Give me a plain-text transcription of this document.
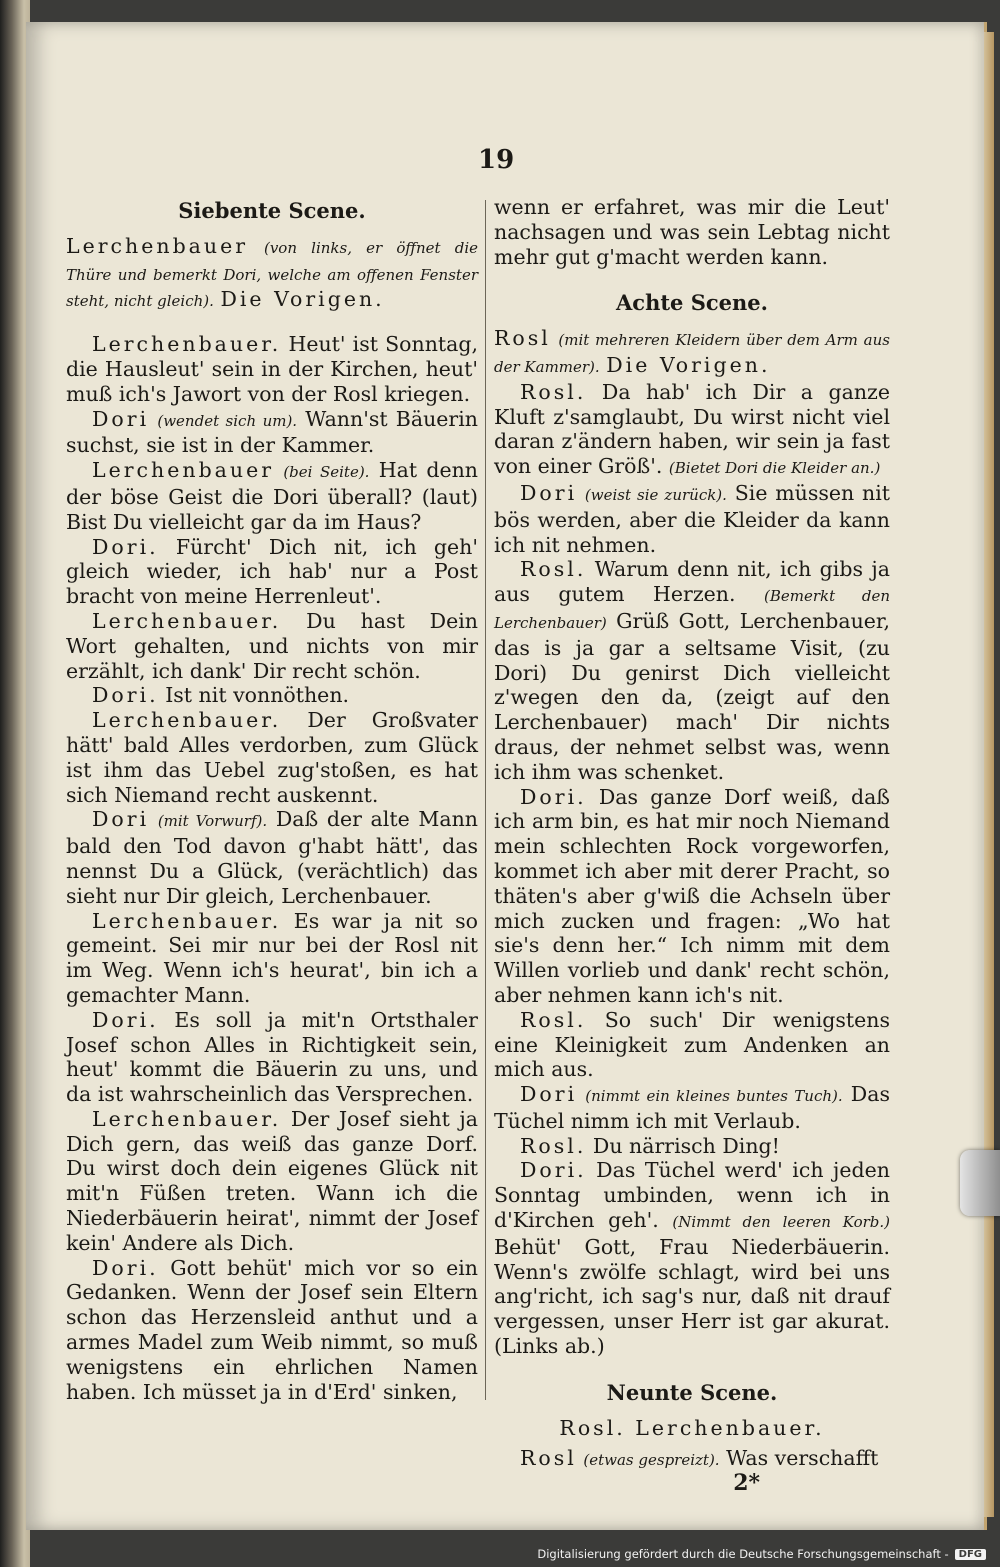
19
Siebente Scene.

Lerchenbauer (von links, er öffnet die Thüre und bemerkt Dori, welche am offenen Fenster steht, nicht gleich). Die Vorigen.

Lerchenbauer. Heut' ist Sonntag, die Hausleut' sein in der Kirchen, heut' muß ich's Jawort von der Rosl kriegen.

Dori (wendet sich um). Wann'st Bäuerin suchst, sie ist in der Kammer.

Lerchenbauer (bei Seite). Hat denn der böse Geist die Dori überall? (laut) Bist Du vielleicht gar da im Haus?

Dori. Fürcht' Dich nit, ich geh' gleich wieder, ich hab' nur a Post bracht von meine Herrenleut'.

Lerchenbauer. Du hast Dein Wort gehalten, und nichts von mir erzählt, ich dank' Dir recht schön.

Dori. Ist nit vonnöthen.

Lerchenbauer. Der Großvater hätt' bald Alles verdorben, zum Glück ist ihm das Uebel zug'stoßen, es hat sich Niemand recht auskennt.

Dori (mit Vorwurf). Daß der alte Mann bald den Tod davon g'habt hätt', das nennst Du a Glück, (verächtlich) das sieht nur Dir gleich, Lerchenbauer.

Lerchenbauer. Es war ja nit so gemeint. Sei mir nur bei der Rosl nit im Weg. Wenn ich's heurat', bin ich a gemachter Mann.

Dori. Es soll ja mit'n Ortsthaler Josef schon Alles in Richtigkeit sein, heut' kommt die Bäuerin zu uns, und da ist wahrscheinlich das Versprechen.

Lerchenbauer. Der Josef sieht ja Dich gern, das weiß das ganze Dorf. Du wirst doch dein eigenes Glück nit mit'n Füßen treten. Wann ich die Niederbäuerin heirat', nimmt der Josef kein' Andere als Dich.

Dori. Gott behüt' mich vor so ein Gedanken. Wenn der Josef sein Eltern schon das Herzensleid anthut und a armes Madel zum Weib nimmt, so muß wenigstens ein ehrlichen Namen haben. Ich müsset ja in d'Erd' sinken,

wenn er erfahret, was mir die Leut' nachsagen und was sein Lebtag nicht mehr gut g'macht werden kann.

Achte Scene.

Rosl (mit mehreren Kleidern über dem Arm aus der Kammer). Die Vorigen.

Rosl. Da hab' ich Dir a ganze Kluft z'samglaubt, Du wirst nicht viel daran z'ändern haben, wir sein ja fast von einer Größ'. (Bietet Dori die Kleider an.)

Dori (weist sie zurück). Sie müssen nit bös werden, aber die Kleider da kann ich nit nehmen.

Rosl. Warum denn nit, ich gibs ja aus gutem Herzen. (Bemerkt den Lerchenbauer) Grüß Gott, Lerchenbauer, das is ja gar a seltsame Visit, (zu Dori) Du genirst Dich vielleicht z'wegen den da, (zeigt auf den Lerchenbauer) mach' Dir nichts draus, der nehmet selbst was, wenn ich ihm was schenket.

Dori. Das ganze Dorf weiß, daß ich arm bin, es hat mir noch Niemand mein schlechten Rock vorgeworfen, kommet ich aber mit derer Pracht, so thäten's aber g'wiß die Achseln über mich zucken und fragen: „Wo hat sie's denn her.“ Ich nimm mit dem Willen vorlieb und dank' recht schön, aber nehmen kann ich's nit.

Rosl. So such' Dir wenigstens eine Kleinigkeit zum Andenken an mich aus.

Dori (nimmt ein kleines buntes Tuch). Das Tüchel nimm ich mit Verlaub.

Rosl. Du närrisch Ding!

Dori. Das Tüchel werd' ich jeden Sonntag umbinden, wenn ich in d'Kirchen geh'. (Nimmt den leeren Korb.) Behüt' Gott, Frau Niederbäuerin. Wenn's zwölfe schlagt, wird bei uns ang'richt, ich sag's nur, daß nit drauf vergessen, unser Herr ist gar akurat. (Links ab.)

Neunte Scene.
Rosl. Lerchenbauer.

Rosl (etwas gespreizt). Was verschafft

2*
Digitalisierung gefördert durch die Deutsche Forschungsgemeinschaft -	DFG
